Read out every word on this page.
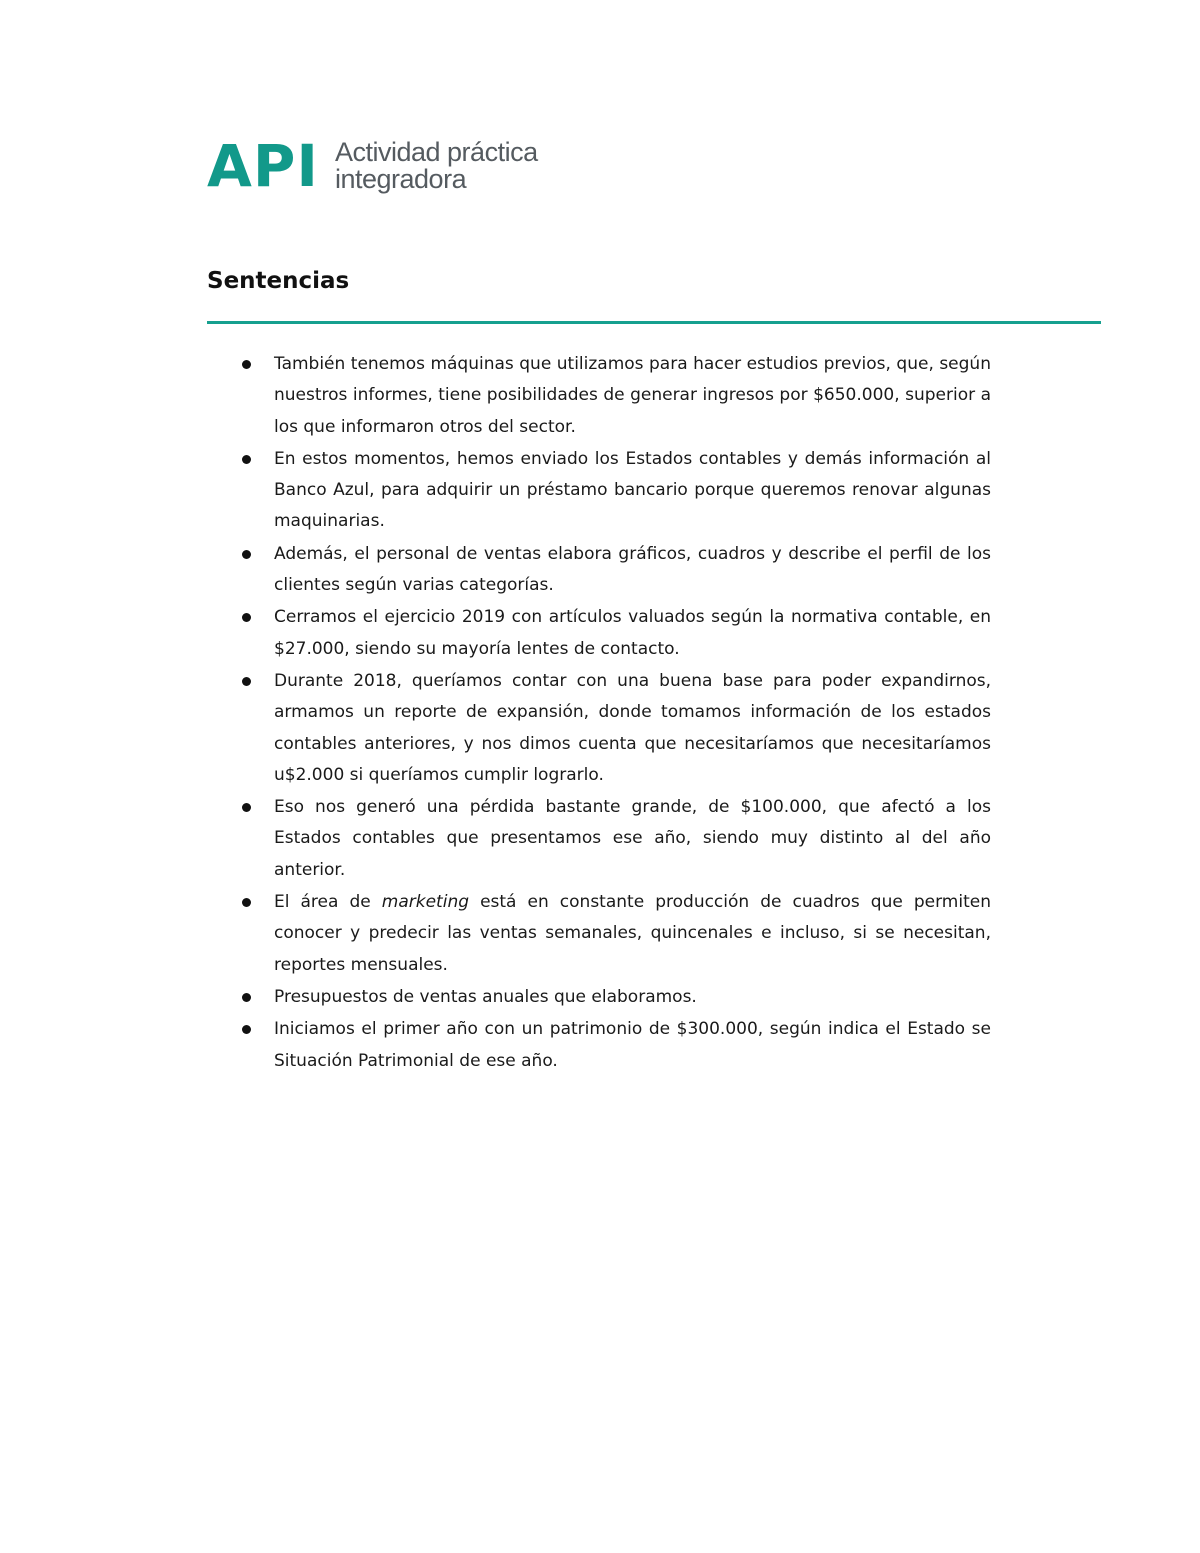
API Actividad práctica
integradora
Sentencias
También tenemos máquinas que utilizamos para hacer estudios previos, que, según nuestros informes, tiene posibilidades de generar ingresos por $650.000, superior a los que informaron otros del sector.
En estos momentos, hemos enviado los Estados contables y demás información al Banco Azul, para adquirir un préstamo bancario porque queremos renovar algunas maquinarias.
Además, el personal de ventas elabora gráficos, cuadros y describe el perfil de los clientes según varias categorías.
Cerramos el ejercicio 2019 con artículos valuados según la normativa contable, en $27.000, siendo su mayoría lentes de contacto.
Durante 2018, queríamos contar con una buena base para poder expandirnos, armamos un reporte de expansión, donde tomamos información de los estados contables anteriores, y nos dimos cuenta que necesitaríamos que necesitaríamos u$2.000 si queríamos cumplir lograrlo.
Eso nos generó una pérdida bastante grande, de $100.000, que afectó a los Estados contables que presentamos ese año, siendo muy distinto al del año anterior.
El área de marketing está en constante producción de cuadros que permiten conocer y predecir las ventas semanales, quincenales e incluso, si se necesitan, reportes mensuales.
Presupuestos de ventas anuales que elaboramos.
Iniciamos el primer año con un patrimonio de $300.000, según indica el Estado se Situación Patrimonial de ese año.
